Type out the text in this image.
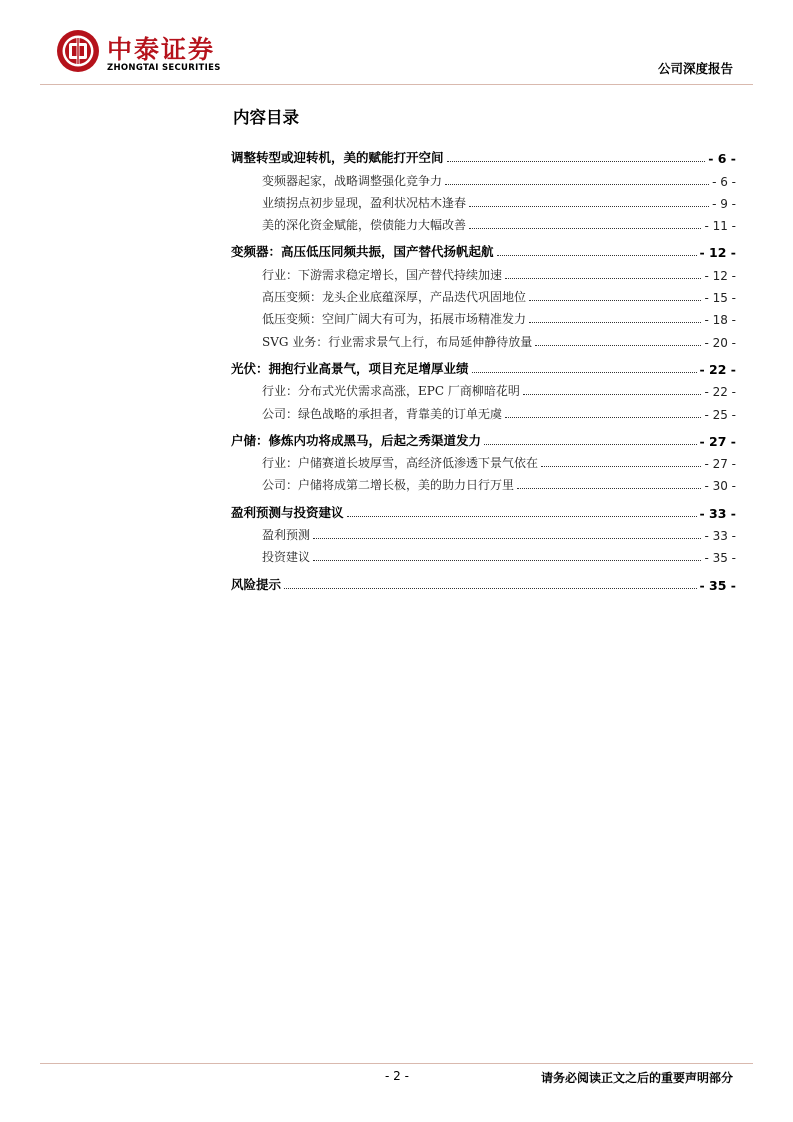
中泰证券
ZHONGTAI SECURITIES	公司深度报告
内容目录
调整转型或迎转机，美的赋能打开空间	- 6 -
变频器起家，战略调整强化竞争力	- 6 -
业绩拐点初步显现，盈利状况枯木逢春	- 9 -
美的深化资金赋能，偿债能力大幅改善	- 11 -
变频器：高压低压同频共振，国产替代扬帆起航	- 12 -
行业：下游需求稳定增长，国产替代持续加速	- 12 -
高压变频：龙头企业底蕴深厚，产品迭代巩固地位	- 15 -
低压变频：空间广阔大有可为，拓展市场精准发力	- 18 -
SVG 业务：行业需求景气上行，布局延伸静待放量	- 20 -
光伏：拥抱行业高景气，项目充足增厚业绩	- 22 -
行业：分布式光伏需求高涨，EPC 厂商柳暗花明	- 22 -
公司：绿色战略的承担者，背靠美的订单无虞	- 25 -
户储：修炼内功将成黑马，后起之秀渠道发力	- 27 -
行业：户储赛道长坡厚雪，高经济低渗透下景气依在	- 27 -
公司：户储将成第二增长极，美的助力日行万里	- 30 -
盈利预测与投资建议	- 33 -
盈利预测	- 33 -
投资建议	- 35 -
风险提示	- 35 -
- 2 -	请务必阅读正文之后的重要声明部分
